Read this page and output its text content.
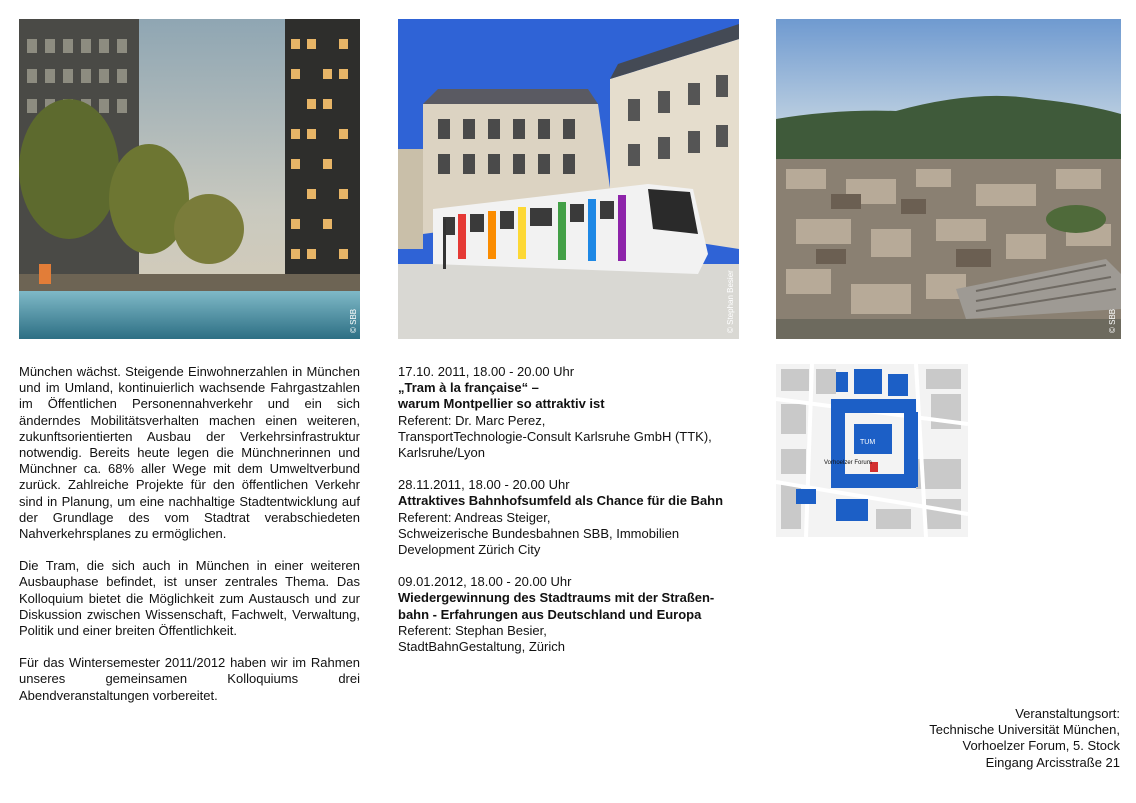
© SBB	© Stephan Besier	© SBB
TUM
Vorhoelzer Forum

München wächst. Steigende Einwohnerzahlen in München und im Umland, kontinuierlich wachsende Fahrgastzahlen im Öffentlichen Personennahverkehr und ein sich änderndes Mobilitätsverhalten machen einen weiteren, zukunftsorientierten Ausbau der Verkehrsinfrastruktur notwendig. Bereits heute legen die Münchnerinnen und Münchner ca. 68% aller Wege mit dem Umweltverbund zurück. Zahlreiche Projekte für den öffentlichen Verkehr sind in Planung, um eine nachhaltige Stadtentwicklung auf der Grundlage des vom Stadtrat verabschiedeten Nahverkehrsplanes zu ermöglichen.

Die Tram, die sich auch in München in einer weiteren Ausbauphase befindet, ist unser zentrales Thema. Das Kolloquium bietet die Möglichkeit zum Austausch und zur Diskussion zwischen Wissenschaft, Fachwelt, Verwaltung, Politik und einer breiten Öffentlichkeit.

Für das Wintersemester 2011/2012 haben wir im Rahmen unseres gemeinsamen Kolloquiums drei Abendveranstaltungen vorbereitet.

17.10. 2011, 18.00 - 20.00 Uhr
„Tram à la française“ –
warum Montpellier so attraktiv ist
Referent: Dr. Marc Perez,
TransportTechnologie-Consult Karlsruhe GmbH (TTK),
Karlsruhe/Lyon
28.11.2011, 18.00 - 20.00 Uhr
Attraktives Bahnhofsumfeld als Chance für die Bahn
Referent: Andreas Steiger,
Schweizerische Bundesbahnen SBB, Immobilien
Development Zürich City
09.01.2012, 18.00 - 20.00 Uhr
Wiedergewinnung des Stadtraums mit der Straßen-
bahn - Erfahrungen aus Deutschland und Europa
Referent: Stephan Besier,
StadtBahnGestaltung, Zürich
Veranstaltungsort:
Technische Universität München,
Vorhoelzer Forum, 5. Stock
Eingang Arcisstraße 21
